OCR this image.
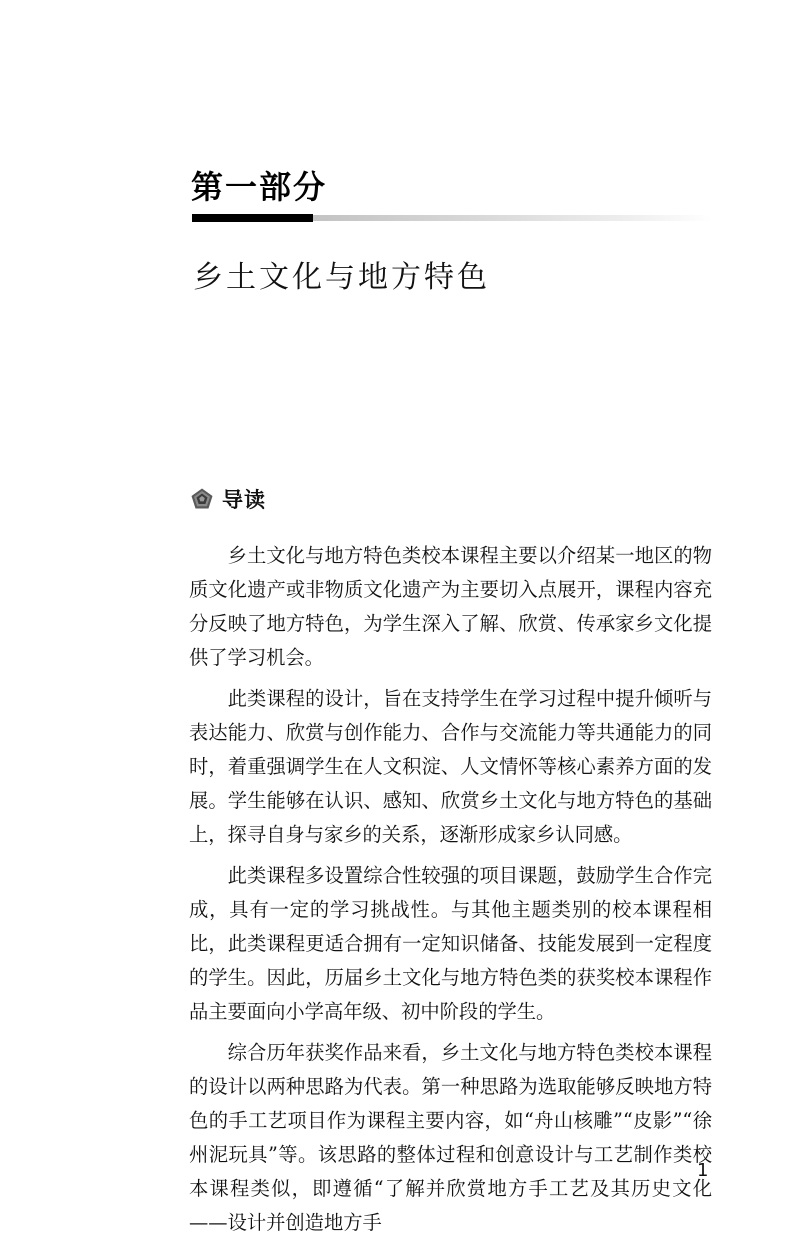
第一部分
乡土文化与地方特色
导读

乡土文化与地方特色类校本课程主要以介绍某一地区的物质文化遗产或非物质文化遗产为主要切入点展开，课程内容充分反映了地方特色，为学生深入了解、欣赏、传承家乡文化提供了学习机会。

此类课程的设计，旨在支持学生在学习过程中提升倾听与表达能力、欣赏与创作能力、合作与交流能力等共通能力的同时，着重强调学生在人文积淀、人文情怀等核心素养方面的发展。学生能够在认识、感知、欣赏乡土文化与地方特色的基础上，探寻自身与家乡的关系，逐渐形成家乡认同感。

此类课程多设置综合性较强的项目课题，鼓励学生合作完成，具有一定的学习挑战性。与其他主题类别的校本课程相比，此类课程更适合拥有一定知识储备、技能发展到一定程度的学生。因此，历届乡土文化与地方特色类的获奖校本课程作品主要面向小学高年级、初中阶段的学生。

综合历年获奖作品来看，乡土文化与地方特色类校本课程的设计以两种思路为代表。第一种思路为选取能够反映地方特色的手工艺项目作为课程主要内容，如“舟山核雕”“皮影”“徐州泥玩具”等。该思路的整体过程和创意设计与工艺制作类校本课程类似，即遵循“了解并欣赏地方手工艺及其历史文化——设计并创造地方手

1
